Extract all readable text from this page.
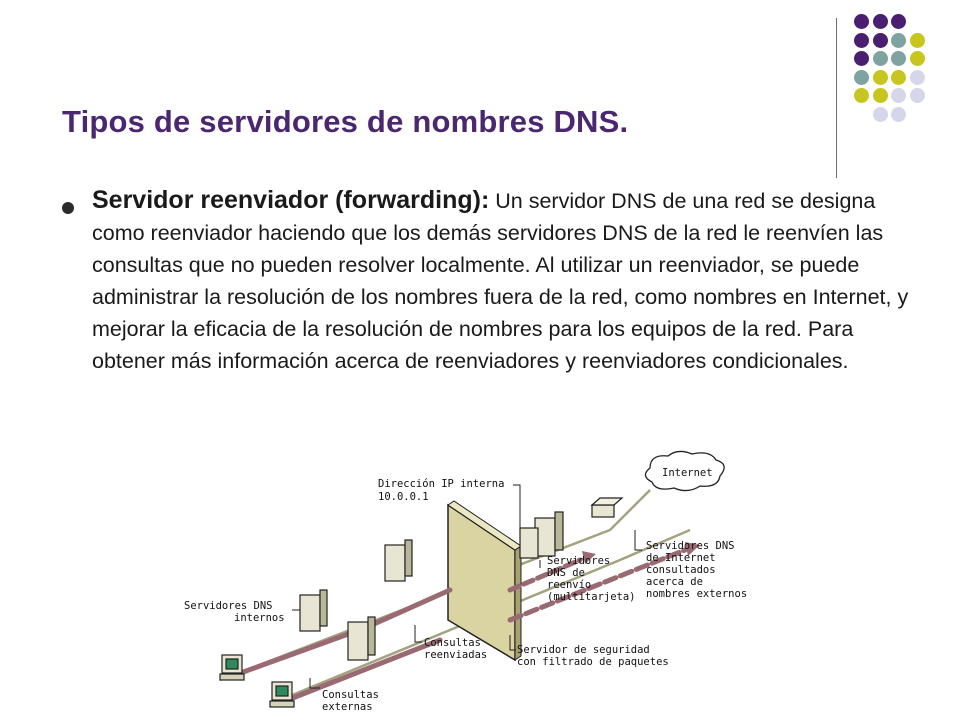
Tipos de servidores de nombres DNS.

Servidor reenviador (forwarding): Un servidor DNS de una red se designa como reenviador haciendo que los demás servidores DNS de la red le reenvíen las consultas que no pueden resolver localmente. Al utilizar un reenviador, se puede administrar la resolución de los nombres fuera de la red, como nombres en Internet, y mejorar la eficacia de la resolución de nombres para los equipos de la red. Para obtener más información acerca de reenviadores y reenviadores condicionales.

Internet
Dirección IP interna 10.0.0.1
Servidores DNS de reenvío (multitarjeta)
Servidores DNS de Internet consultados acerca de nombres externos
Servidores DNS internos
Consultas reenviadas	Servidor de seguridad con filtrado de paquetes
Consultas externas
